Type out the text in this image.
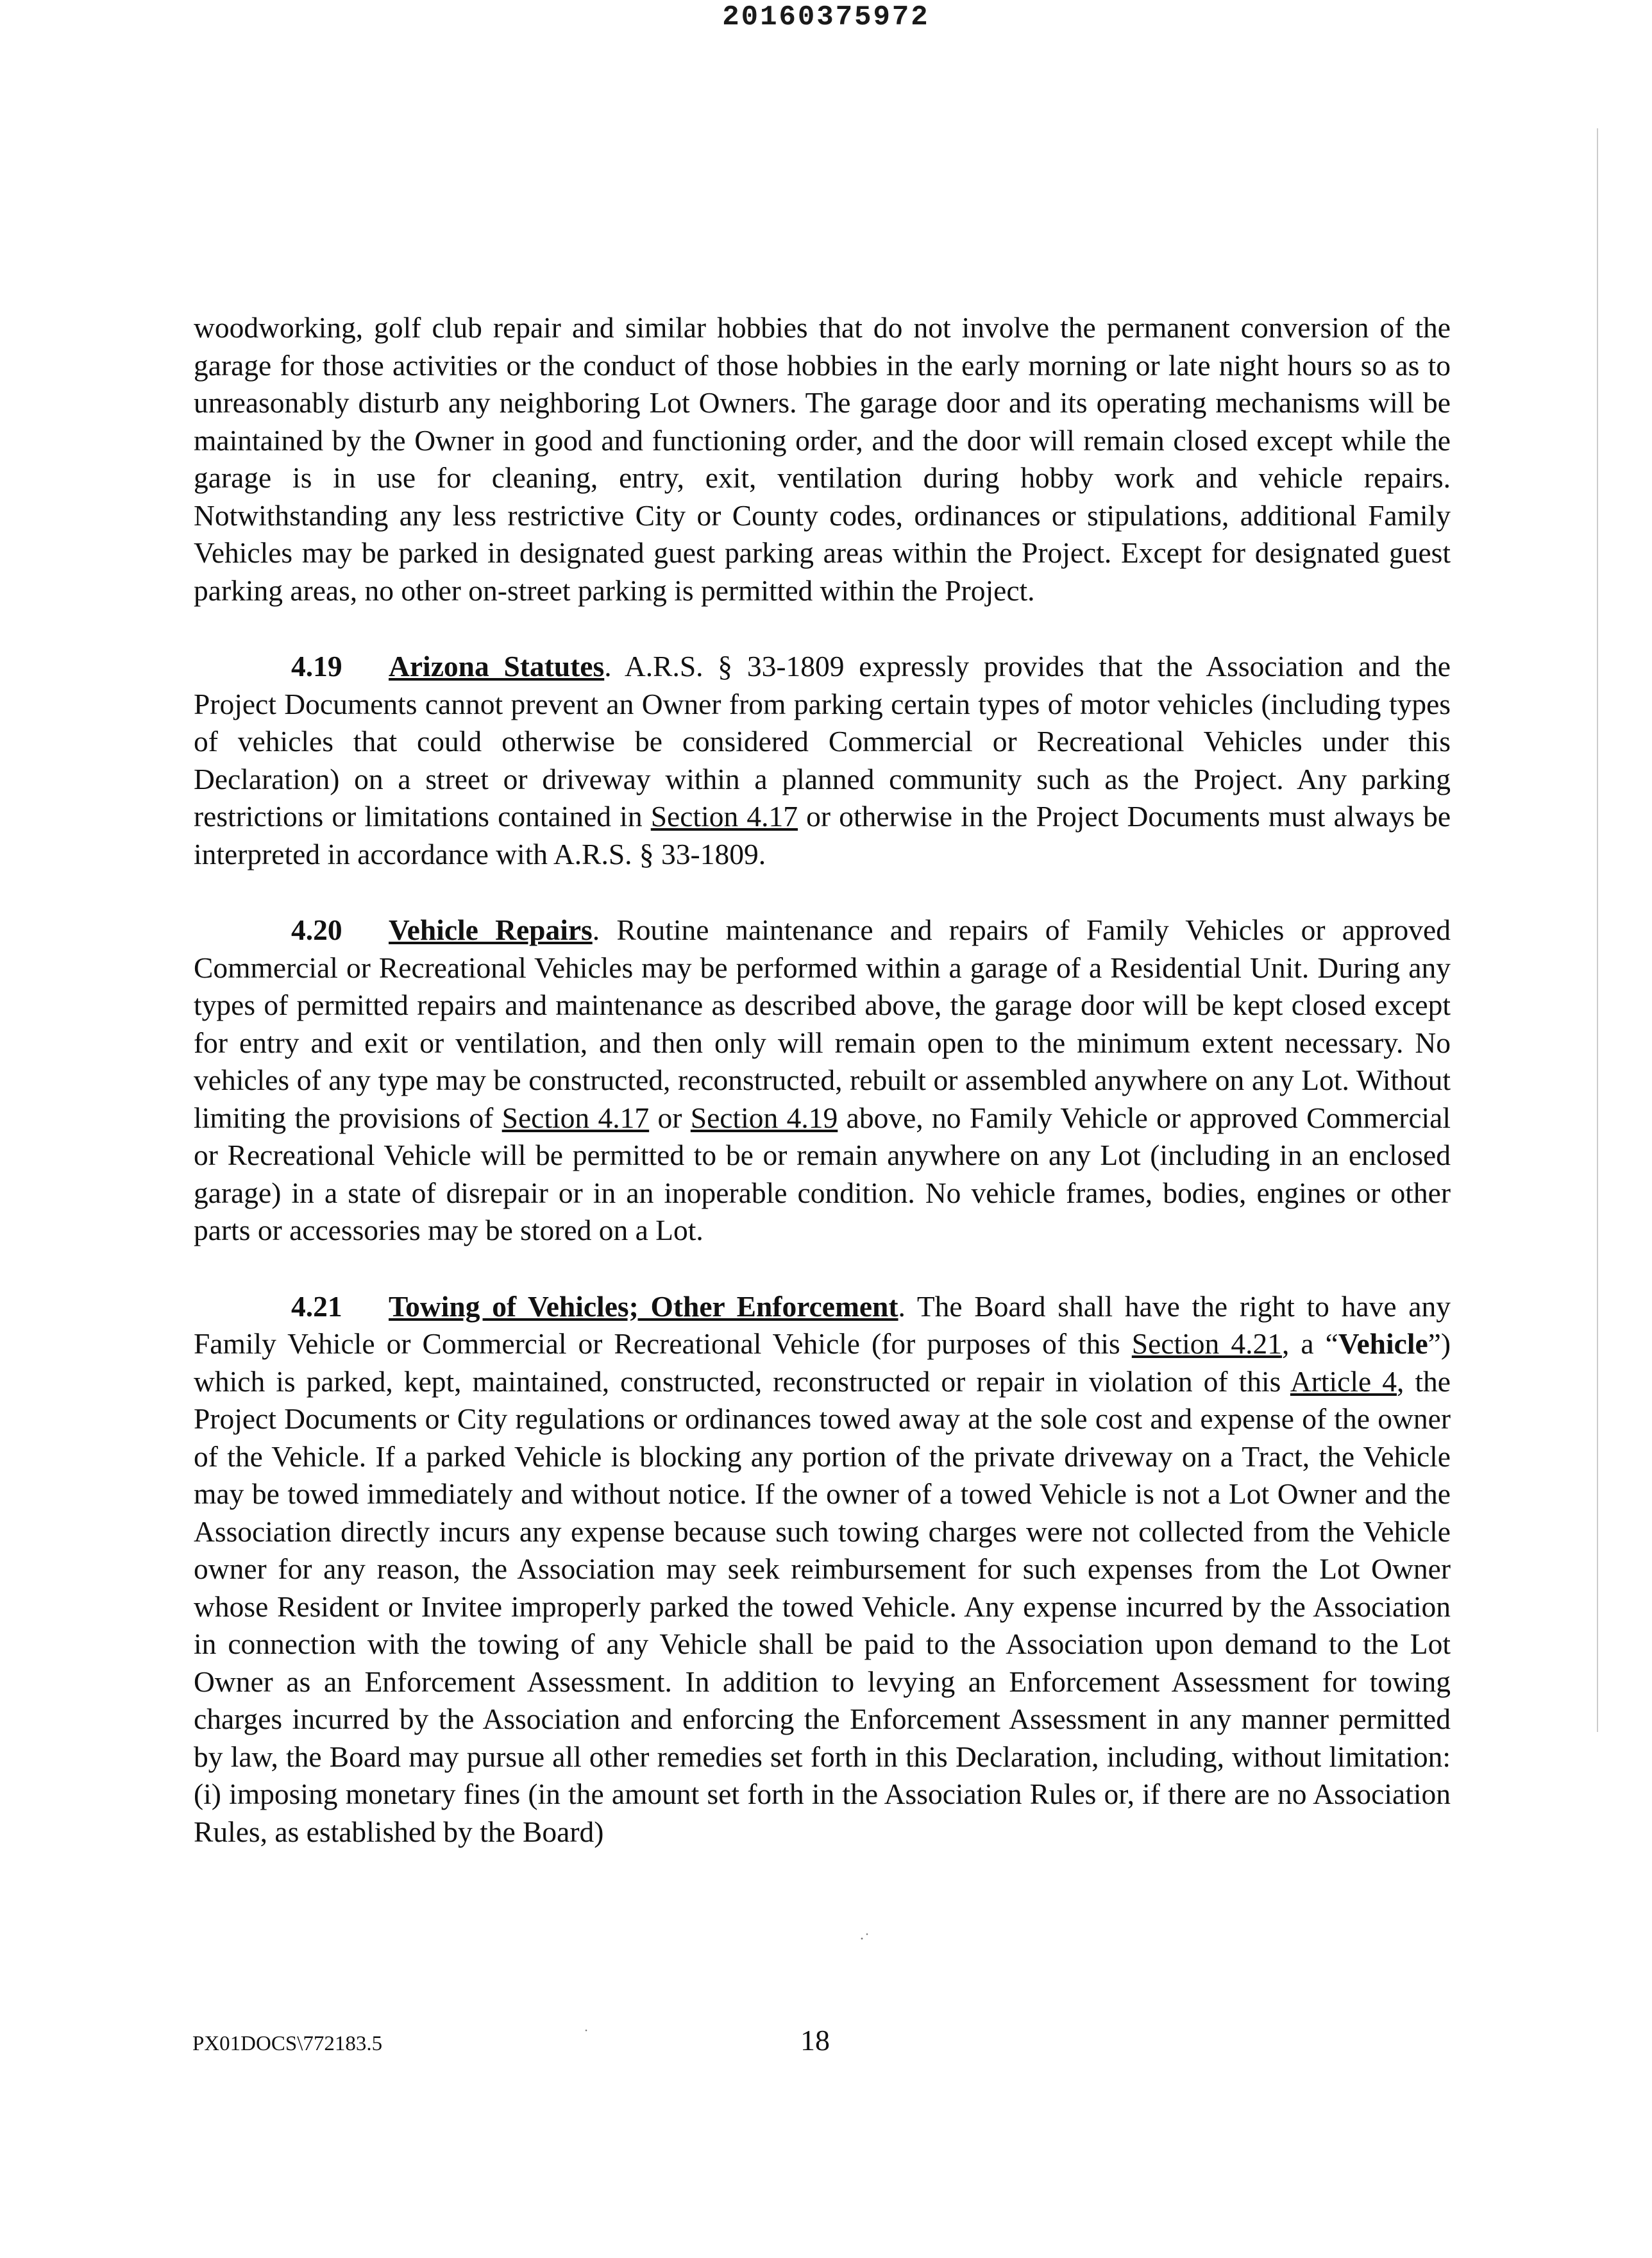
20160375972

woodworking, golf club repair and similar hobbies that do not involve the permanent conversion of the garage for those activities or the conduct of those hobbies in the early morning or late night hours so as to unreasonably disturb any neighboring Lot Owners. The garage door and its operating mechanisms will be maintained by the Owner in good and functioning order, and the door will remain closed except while the garage is in use for cleaning, entry, exit, ventilation during hobby work and vehicle repairs. Notwithstanding any less restrictive City or County codes, ordinances or stipulations, additional Family Vehicles may be parked in designated guest parking areas within the Project. Except for designated guest parking areas, no other on-street parking is permitted within the Project.

4.19 Arizona Statutes. A.R.S. § 33-1809 expressly provides that the Association and the Project Documents cannot prevent an Owner from parking certain types of motor vehicles (including types of vehicles that could otherwise be considered Commercial or Recreational Vehicles under this Declaration) on a street or driveway within a planned community such as the Project. Any parking restrictions or limitations contained in Section 4.17 or otherwise in the Project Documents must always be interpreted in accordance with A.R.S. § 33-1809.

4.20 Vehicle Repairs. Routine maintenance and repairs of Family Vehicles or approved Commercial or Recreational Vehicles may be performed within a garage of a Residential Unit. During any types of permitted repairs and maintenance as described above, the garage door will be kept closed except for entry and exit or ventilation, and then only will remain open to the minimum extent necessary. No vehicles of any type may be constructed, reconstructed, rebuilt or assembled anywhere on any Lot. Without limiting the provisions of Section 4.17 or Section 4.19 above, no Family Vehicle or approved Commercial or Recreational Vehicle will be permitted to be or remain anywhere on any Lot (including in an enclosed garage) in a state of disrepair or in an inoperable condition. No vehicle frames, bodies, engines or other parts or accessories may be stored on a Lot.

4.21 Towing of Vehicles; Other Enforcement. The Board shall have the right to have any Family Vehicle or Commercial or Recreational Vehicle (for purposes of this Section 4.21, a “Vehicle”) which is parked, kept, maintained, constructed, reconstructed or repair in violation of this Article 4, the Project Documents or City regulations or ordinances towed away at the sole cost and expense of the owner of the Vehicle. If a parked Vehicle is blocking any portion of the private driveway on a Tract, the Vehicle may be towed immediately and without notice. If the owner of a towed Vehicle is not a Lot Owner and the Association directly incurs any expense because such towing charges were not collected from the Vehicle owner for any reason, the Association may seek reimbursement for such expenses from the Lot Owner whose Resident or Invitee improperly parked the towed Vehicle. Any expense incurred by the Association in connection with the towing of any Vehicle shall be paid to the Association upon demand to the Lot Owner as an Enforcement Assessment. In addition to levying an Enforcement Assessment for towing charges incurred by the Association and enforcing the Enforcement Assessment in any manner permitted by law, the Board may pursue all other remedies set forth in this Declaration, including, without limitation: (i) imposing monetary fines (in the amount set forth in the Association Rules or, if there are no Association Rules, as established by the Board)

·˙
˙
PX01DOCS\772183.5	18
